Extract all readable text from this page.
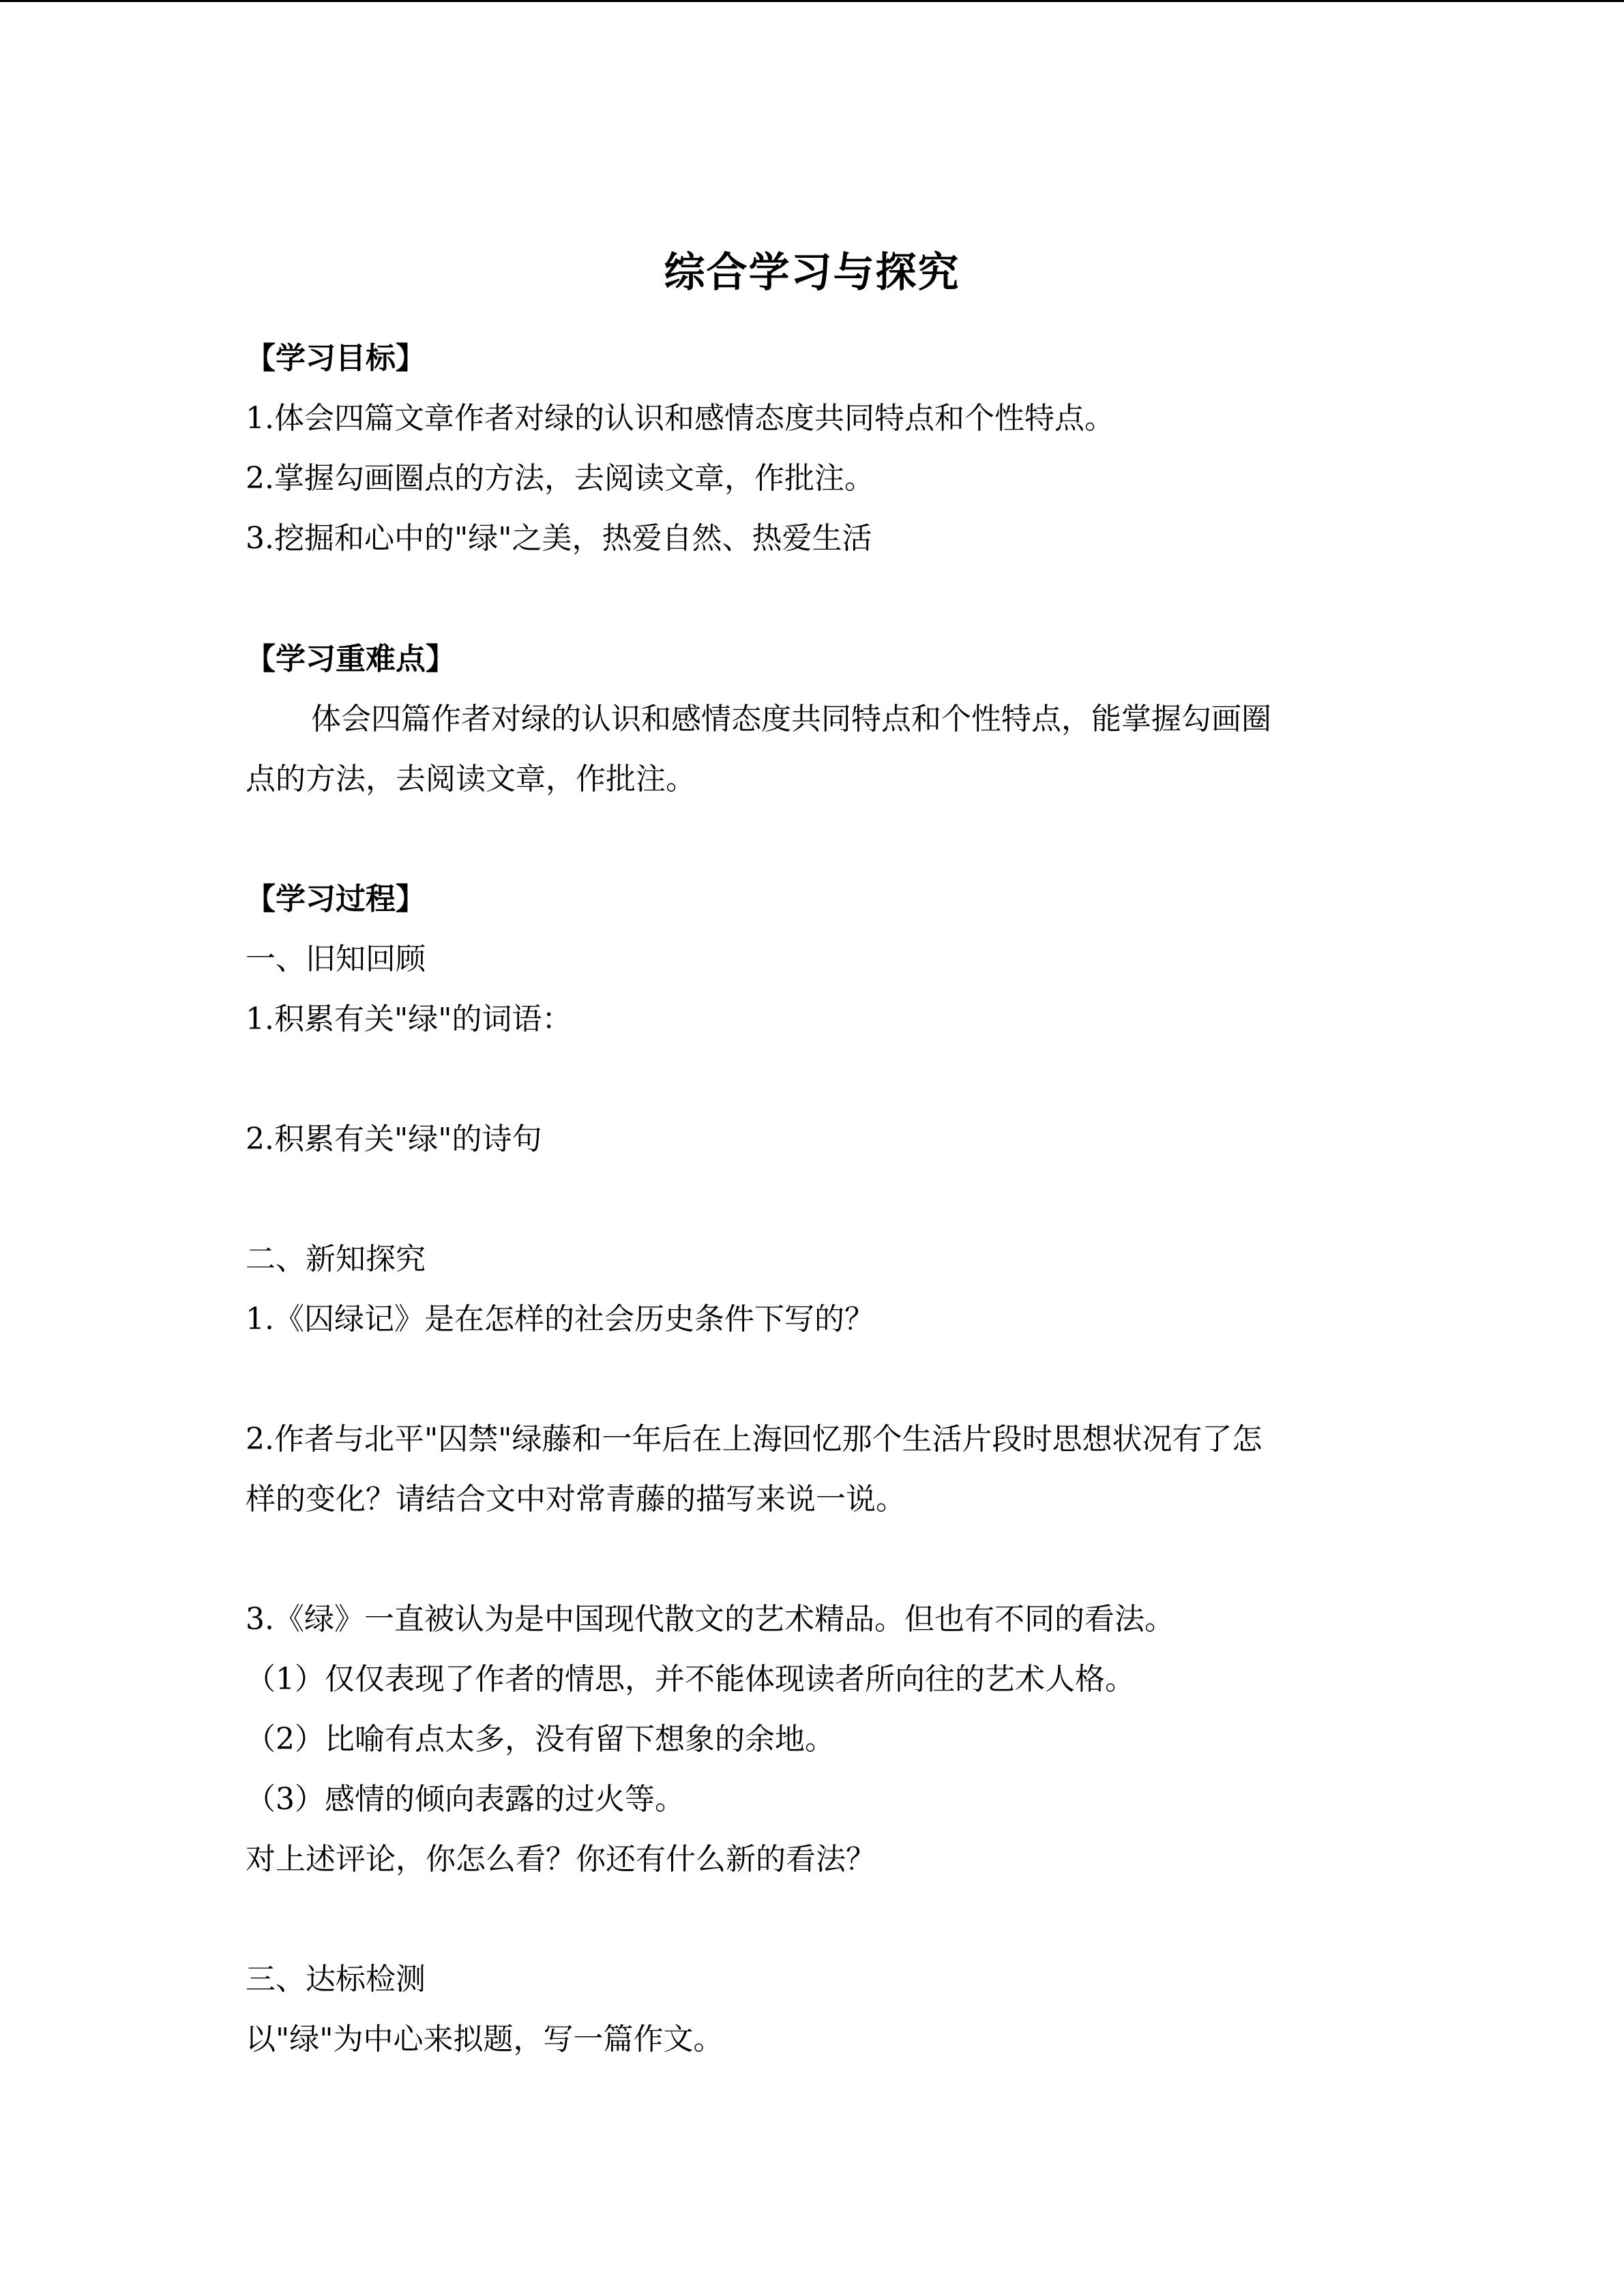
综合学习与探究
【学习目标】
1.体会四篇文章作者对绿的认识和感情态度共同特点和个性特点。
2.掌握勾画圈点的方法，去阅读文章，作批注。
3.挖掘和心中的"绿"之美，热爱自然、热爱生活
【学习重难点】
体会四篇作者对绿的认识和感情态度共同特点和个性特点，能掌握勾画圈
点的方法，去阅读文章，作批注。
【学习过程】
一、旧知回顾
1.积累有关"绿"的词语：
2.积累有关"绿"的诗句
二、新知探究
1.《囚绿记》是在怎样的社会历史条件下写的？
2.作者与北平"囚禁"绿藤和一年后在上海回忆那个生活片段时思想状况有了怎
样的变化？请结合文中对常青藤的描写来说一说。
3.《绿》一直被认为是中国现代散文的艺术精品。但也有不同的看法。
（1）仅仅表现了作者的情思，并不能体现读者所向往的艺术人格。
（2）比喻有点太多，没有留下想象的余地。
（3）感情的倾向表露的过火等。
对上述评论，你怎么看？你还有什么新的看法？
三、达标检测
以"绿"为中心来拟题，写一篇作文。
